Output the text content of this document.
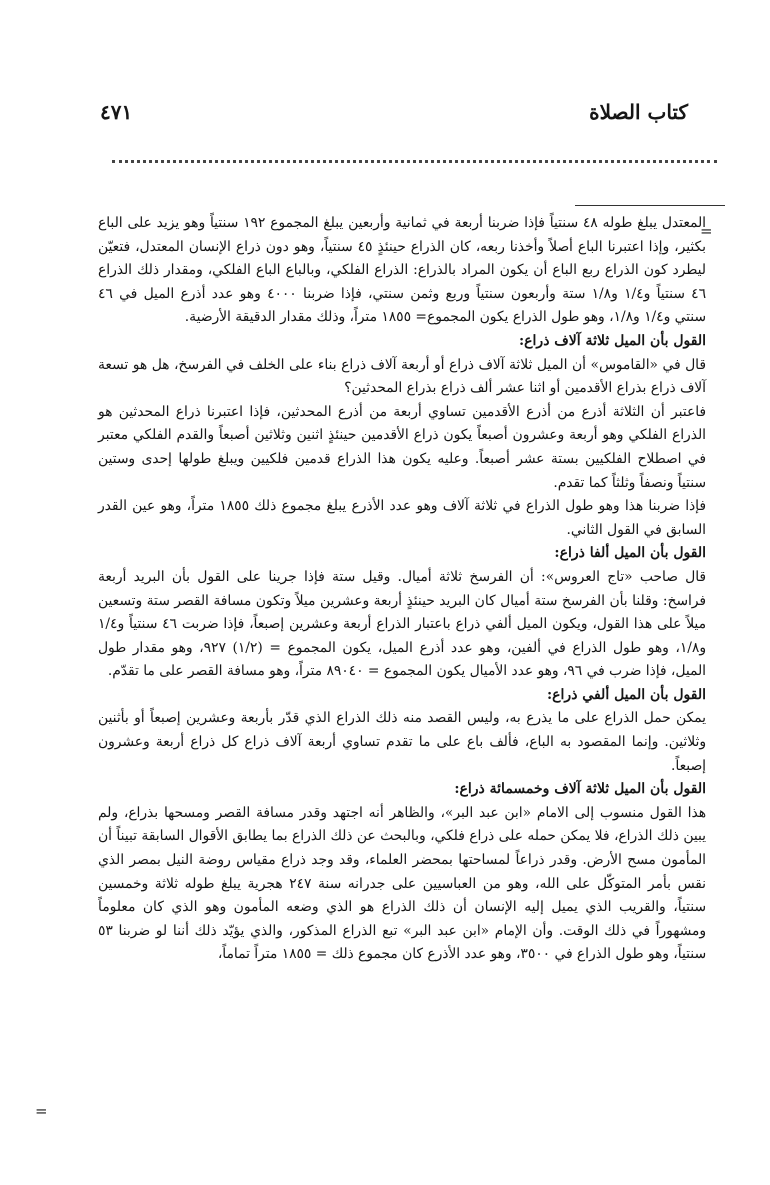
كتاب الصلاة
٤٧١
=

المعتدل يبلغ طوله ٤٨ سنتياً فإذا ضربنا أربعة في ثمانية وأربعين يبلغ المجموع ١٩٢ سنتياً وهو يزيد على الباع بكثير، وإذا اعتبرنا الباع أصلاً وأخذنا ربعه، كان الذراع حينئذٍ ٤٥ سنتياً، وهو دون ذراع الإنسان المعتدل، فتعيّن ليطرد كون الذراع ربع الباع أن يكون المراد بالذراع: الذراع الفلكي، وبالباع الباع الفلكي، ومقدار ذلك الذراع ٤٦ سنتياً و١/٤ و١/٨ ستة وأربعون سنتياً وربع وثمن سنتي، فإذا ضربنا ٤٠٠٠ وهو عدد أذرع الميل في ٤٦ سنتي و١/٤ و١/٨، وهو طول الذراع يكون المجموع= ١٨٥٥ متراً، وذلك مقدار الدقيقة الأرضية.

القول بأن الميل ثلاثة آلاف ذراع:

قال في «القاموس» أن الميل ثلاثة آلاف ذراع أو أربعة آلاف ذراع بناء على الخلف في الفرسخ، هل هو تسعة آلاف ذراع بذراع الأقدمين أو اثنا عشر ألف ذراع بذراع المحدثين؟

فاعتبر أن الثلاثة أذرع من أذرع الأقدمين تساوي أربعة من أذرع المحدثين، فإذا اعتبرنا ذراع المحدثين هو الذراع الفلكي وهو أربعة وعشرون أصبعاً يكون ذراع الأقدمين حينئذٍ اثنين وثلاثين أصبعاً والقدم الفلكي معتبر في اصطلاح الفلكيين بستة عشر أصبعاً. وعليه يكون هذا الذراع قدمين فلكيين ويبلغ طولها إحدى وستين سنتياً ونصفاً وثلثاً كما تقدم.

فإذا ضربنا هذا وهو طول الذراع في ثلاثة آلاف وهو عدد الأذرع يبلغ مجموع ذلك ١٨٥٥ متراً، وهو عين القدر السابق في القول الثاني.

القول بأن الميل ألفا ذراع:

قال صاحب «تاج العروس»: أن الفرسخ ثلاثة أميال. وقيل ستة فإذا جرينا على القول بأن البريد أربعة فراسخ: وقلنا بأن الفرسخ ستة أميال كان البريد حينئذٍ أربعة وعشرين ميلاً وتكون مسافة القصر ستة وتسعين ميلاً على هذا القول، ويكون الميل ألفي ذراع باعتبار الذراع أربعة وعشرين إصبعاً، فإذا ضربت ٤٦ سنتياً و١/٤ و١/٨، وهو طول الذراع في ألفين، وهو عدد أذرع الميل، يكون المجموع = (١/٢) ٩٢٧، وهو مقدار طول الميل، فإذا ضرب في ٩٦، وهو عدد الأميال يكون المجموع = ٨٩٠٤٠ متراً، وهو مسافة القصر على ما تقدّم.

القول بأن الميل ألفي ذراع:

يمكن حمل الذراع على ما يذرع به، وليس القصد منه ذلك الذراع الذي قدّر بأربعة وعشرين إصبعاً أو بأثنين وثلاثين. وإنما المقصود به الباع، فألف باع على ما تقدم تساوي أربعة آلاف ذراع كل ذراع أربعة وعشرون إصبعاً.

القول بأن الميل ثلاثة آلاف وخمسمائة ذراع:

هذا القول منسوب إلى الامام «ابن عبد البر»، والظاهر أنه اجتهد وقدر مسافة القصر ومسحها بذراع، ولم يبين ذلك الذراع، فلا يمكن حمله على ذراع فلكي، وبالبحث عن ذلك الذراع بما يطابق الأقوال السابقة تبيناً أن المأمون مسح الأرض. وقدر ذراعاً لمساحتها بمحضر العلماء، وقد وجد ذراع مقياس روضة النيل بمصر الذي نقس بأمر المتوكّل على الله، وهو من العباسيين على جدرانه سنة ٢٤٧ هجرية يبلغ طوله ثلاثة وخمسين سنتياً، والقريب الذي يميل إليه الإنسان أن ذلك الذراع هو الذي وضعه المأمون وهو الذي كان معلوماً ومشهوراً في ذلك الوقت. وأن الإمام «ابن عبد البر» تبع الذراع المذكور، والذي يؤيّد ذلك أننا لو ضربنا ٥٣ سنتياً، وهو طول الذراع في ٣٥٠٠، وهو عدد الأذرع كان مجموع ذلك = ١٨٥٥ متراً تماماً،

=
